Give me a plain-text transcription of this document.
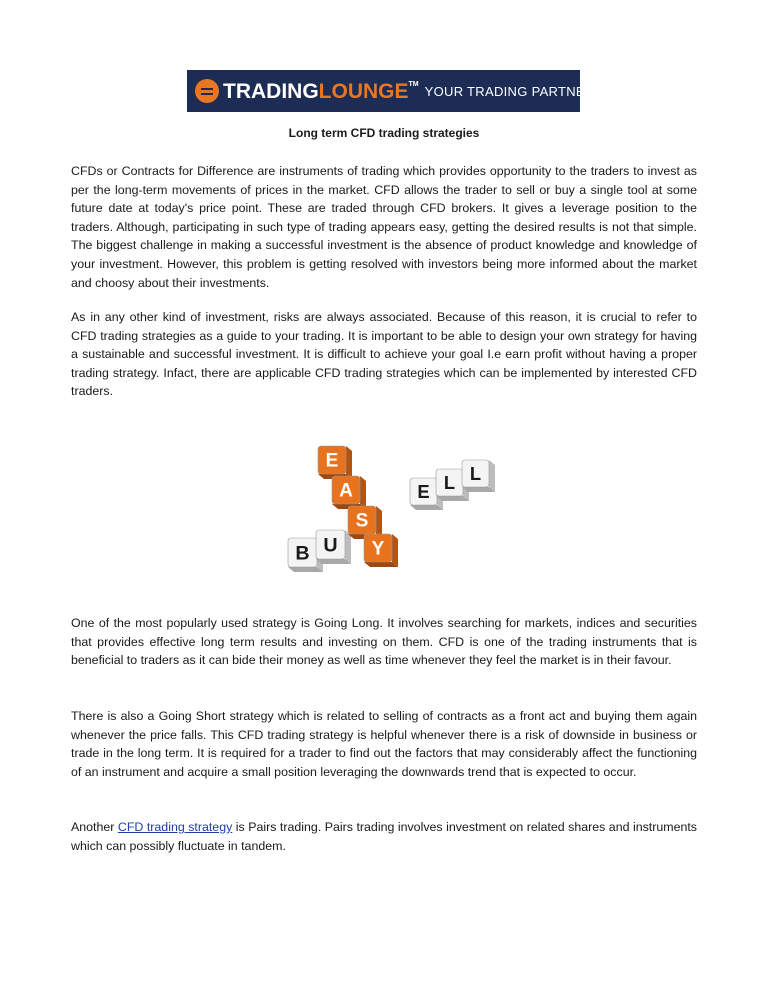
TRADINGLOUNGE™ YOUR TRADING PARTNER
Long term CFD trading strategies

CFDs or Contracts for Difference are instruments of trading which provides opportunity to the traders to invest as per the long-term movements of prices in the market. CFD allows the trader to sell or buy a single tool at some future date at today's price point. These are traded through CFD brokers. It gives a leverage position to the traders. Although, participating in such type of trading appears easy, getting the desired results is not that simple. The biggest challenge in making a successful investment is the absence of product knowledge and knowledge of your investment. However, this problem is getting resolved with investors being more informed about the market and choosy about their investments.

As in any other kind of investment, risks are always associated. Because of this reason, it is crucial to refer to CFD trading strategies as a guide to your trading. It is important to be able to design your own strategy for having a sustainable and successful investment. It is difficult to achieve your goal I.e earn profit without having a proper trading strategy. Infact, there are applicable CFD trading strategies which can be implemented by interested CFD traders.

E L L
B U
E
A
S
Y

One of the most popularly used strategy is Going Long. It involves searching for markets, indices and securities that provides effective long term results and investing on them. CFD is one of the trading instruments that is beneficial to traders as it can bide their money as well as time whenever they feel the market is in their favour.

There is also a Going Short strategy which is related to selling of contracts as a front act and buying them again whenever the price falls. This CFD trading strategy is helpful whenever there is a risk of downside in business or trade in the long term. It is required for a trader to find out the factors that may considerably affect the functioning of an instrument and acquire a small position leveraging the downwards trend that is expected to occur.

Another CFD trading strategy is Pairs trading. Pairs trading involves investment on related shares and instruments which can possibly fluctuate in tandem.
